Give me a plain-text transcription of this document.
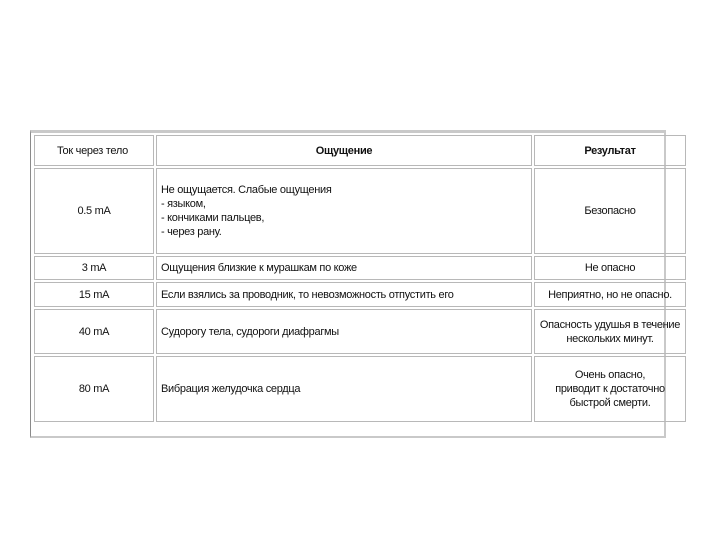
Ток через тело	Ощущение	Результат
0.5 mA	Не ощущается. Слабые ощущения
- языком,
- кончиками пальцев,
- через рану.	Безопасно

3 mA	Ощущения близкие к мурашкам по коже	Не опасно

15 mA	Если взялись за проводник, то невозможность отпустить его	Неприятно, но не опасно.

40 mA	Судорогу тела, судороги диафрагмы	Опасность удушья в течение
нескольких минут.

80 mA	Вибрация желудочка сердца	Очень опасно,
приводит к достаточно
быстрой смерти.
